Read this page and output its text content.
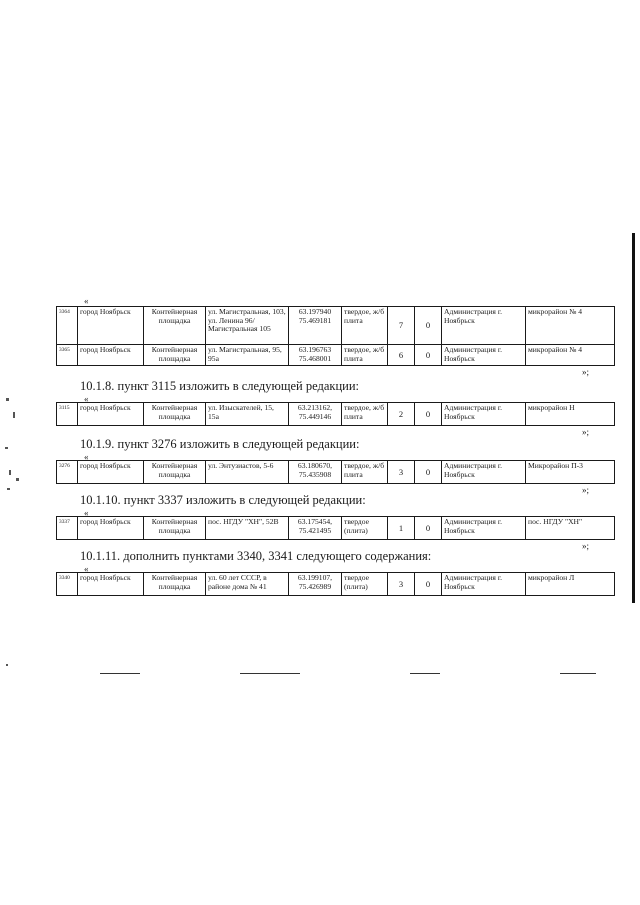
«
3364	город Ноябрьск	Контейнерная площадка	ул. Магистральная, 103, ул. Ленина 96/Магистральная 105	63.197940 75.469181	твердое, ж/б плита	7	0	Администрация г. Ноябрьск	микрорайон № 4
3365	город Ноябрьск	Контейнерная площадка	ул. Магистральная, 95, 95а	63.196763 75.468001	твердое, ж/б плита	6	0	Администрация г. Ноябрьск	микрорайон № 4
»;
10.1.8. пункт 3115 изложить в следующей редакции:
«
3115	город Ноябрьск	Контейнерная площадка	ул. Изыскателей, 15, 15а	63.213162, 75.449146	твердое, ж/б плита	2	0	Администрация г. Ноябрьск	микрорайон Н
»;
10.1.9. пункт 3276 изложить в следующей редакции:
«
3276	город Ноябрьск	Контейнерная площадка	ул. Энтузиастов, 5-6	63.180670, 75.435908	твердое, ж/б плита	3	0	Администрация г. Ноябрьск	Микрорайон П-3
»;
10.1.10. пункт 3337 изложить в следующей редакции:
«
3337	город Ноябрьск	Контейнерная площадка	пос. НГДУ "ХН", 52В	63.175454, 75.421495	твердое (плита)	1	0	Администрация г. Ноябрьск	пос. НГДУ "ХН"
»;
10.1.11. дополнить пунктами 3340, 3341 следующего содержания:
«
3340	город Ноябрьск	Контейнерная площадка	ул. 60 лет СССР, в районе дома № 41	63.199107, 75.426989	твердое (плита)	3	0	Администрация г. Ноябрьск	микрорайон Л
